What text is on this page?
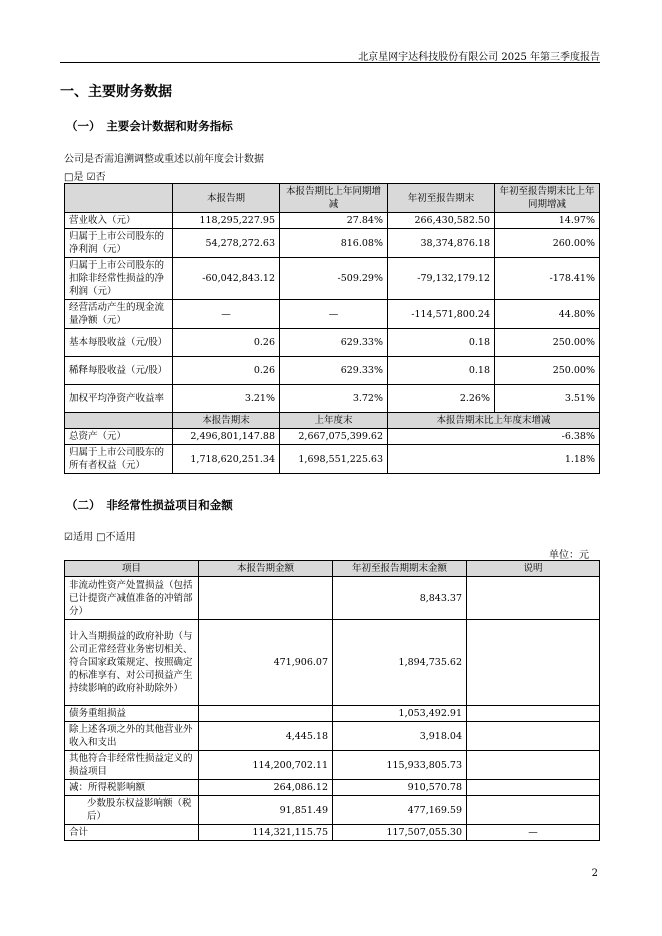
北京星网宇达科技股份有限公司 2025 年第三季度报告
一、主要财务数据
（一）　主要会计数据和财务指标
公司是否需追溯调整或重述以前年度会计数据
□是 ☑否
	本报告期	本报告期比上年同期增减	年初至报告期末	年初至报告期末比上年同期增减
营业收入（元）	118,295,227.95	27.84%	266,430,582.50	14.97%
归属于上市公司股东的净利润（元）	54,278,272.63	816.08%	38,374,876.18	260.00%
归属于上市公司股东的扣除非经常性损益的净利润（元）	-60,042,843.12	-509.29%	-79,132,179.12	-178.41%
经营活动产生的现金流量净额（元）	—	—	-114,571,800.24	44.80%
基本每股收益（元/股）	0.26	629.33%	0.18	250.00%
稀释每股收益（元/股）	0.26	629.33%	0.18	250.00%
加权平均净资产收益率	3.21%	3.72%	2.26%	3.51%
	本报告期末	上年度末	本报告期末比上年度末增减	
总资产（元）	2,496,801,147.88	2,667,075,399.62	-6.38%	
归属于上市公司股东的所有者权益（元）	1,718,620,251.34	1,698,551,225.63	1.18%	
（二）　非经常性损益项目和金额
☑适用 □不适用
单位：元
项目	本报告期金额	年初至报告期期末金额	说明
非流动性资产处置损益（包括已计提资产减值准备的冲销部分）		8,843.37	
计入当期损益的政府补助（与公司正常经营业务密切相关、符合国家政策规定、按照确定的标准享有、对公司损益产生持续影响的政府补助除外）	471,906.07	1,894,735.62	
债务重组损益		1,053,492.91	
除上述各项之外的其他营业外收入和支出	4,445.18	3,918.04	
其他符合非经常性损益定义的损益项目	114,200,702.11	115,933,805.73	
减：所得税影响额	264,086.12	910,570.78	
少数股东权益影响额（税后）	91,851.49	477,169.59	
合计	114,321,115.75	117,507,055.30	—
2
